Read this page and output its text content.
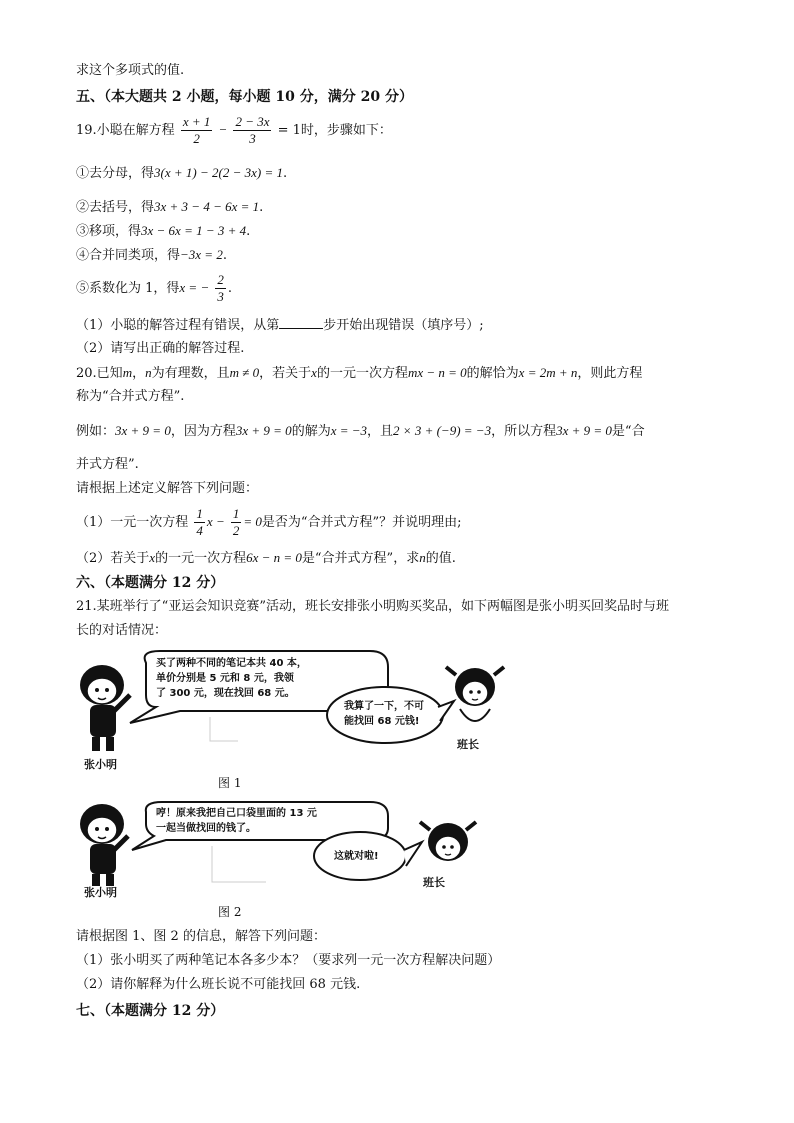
求这个多项式的值.
五、（本大题共 2 小题，每小题 10 分，满分 20 分）
19.小聪在解方程 $\frac{x + 1}{2} - \frac{2 - 3x}{3} = 1$时，步骤如下：
①去分母，得3(x + 1) − 2(2 − 3x) = 1.
②去括号，得3x + 3 − 4 − 6x = 1.
③移项，得3x − 6x = 1 − 3 + 4.
④合并同类项，得−3x = 2.
⑤系数化为 1，得x = − $\frac{2}{3}$ .
（1）小聪的解答过程有错误，从第	步开始出现错误（填序号）;
（2）请写出正确的解答过程.
20.已知m，n为有理数，且m ≠ 0，若关于x的一元一次方程mx − n = 0的解恰为x = 2m + n，则此方程
称为“合并式方程”.
例如：3x + 9 = 0，因为方程3x + 9 = 0的解为x = −3，且2 × 3 + (−9) = −3，所以方程3x + 9 = 0是“合
并式方程”.
请根据上述定义解答下列问题：
（1）一元一次方程 $\frac{1}{4}$ $x - \frac{1}{2} = 0$是否为“合并式方程”？并说明理由;
（2）若关于x的一元一次方程6x − n = 0是“合并式方程”，求n的值.
六、（本题满分 12 分）
21.某班举行了“亚运会知识竞赛”活动，班长安排张小明购买奖品，如下两幅图是张小明买回奖品时与班
长的对话情况：
买了两种不同的笔记本共 40 本，
单价分别是 5 元和 8 元，我领
了 300 元，现在找回 68 元。
我算了一下，不可
能找回 68 元钱!
张小明
班长
图 1
哼！原来我把自己口袋里面的 13 元
一起当做找回的钱了。
这就对啦!
张小明
班长
图 2
请根据图 1、图 2 的信息，解答下列问题：
（1）张小明买了两种笔记本各多少本？（要求列一元一次方程解决问题）
（2）请你解释为什么班长说不可能找回 68 元钱.
七、（本题满分 12 分）
